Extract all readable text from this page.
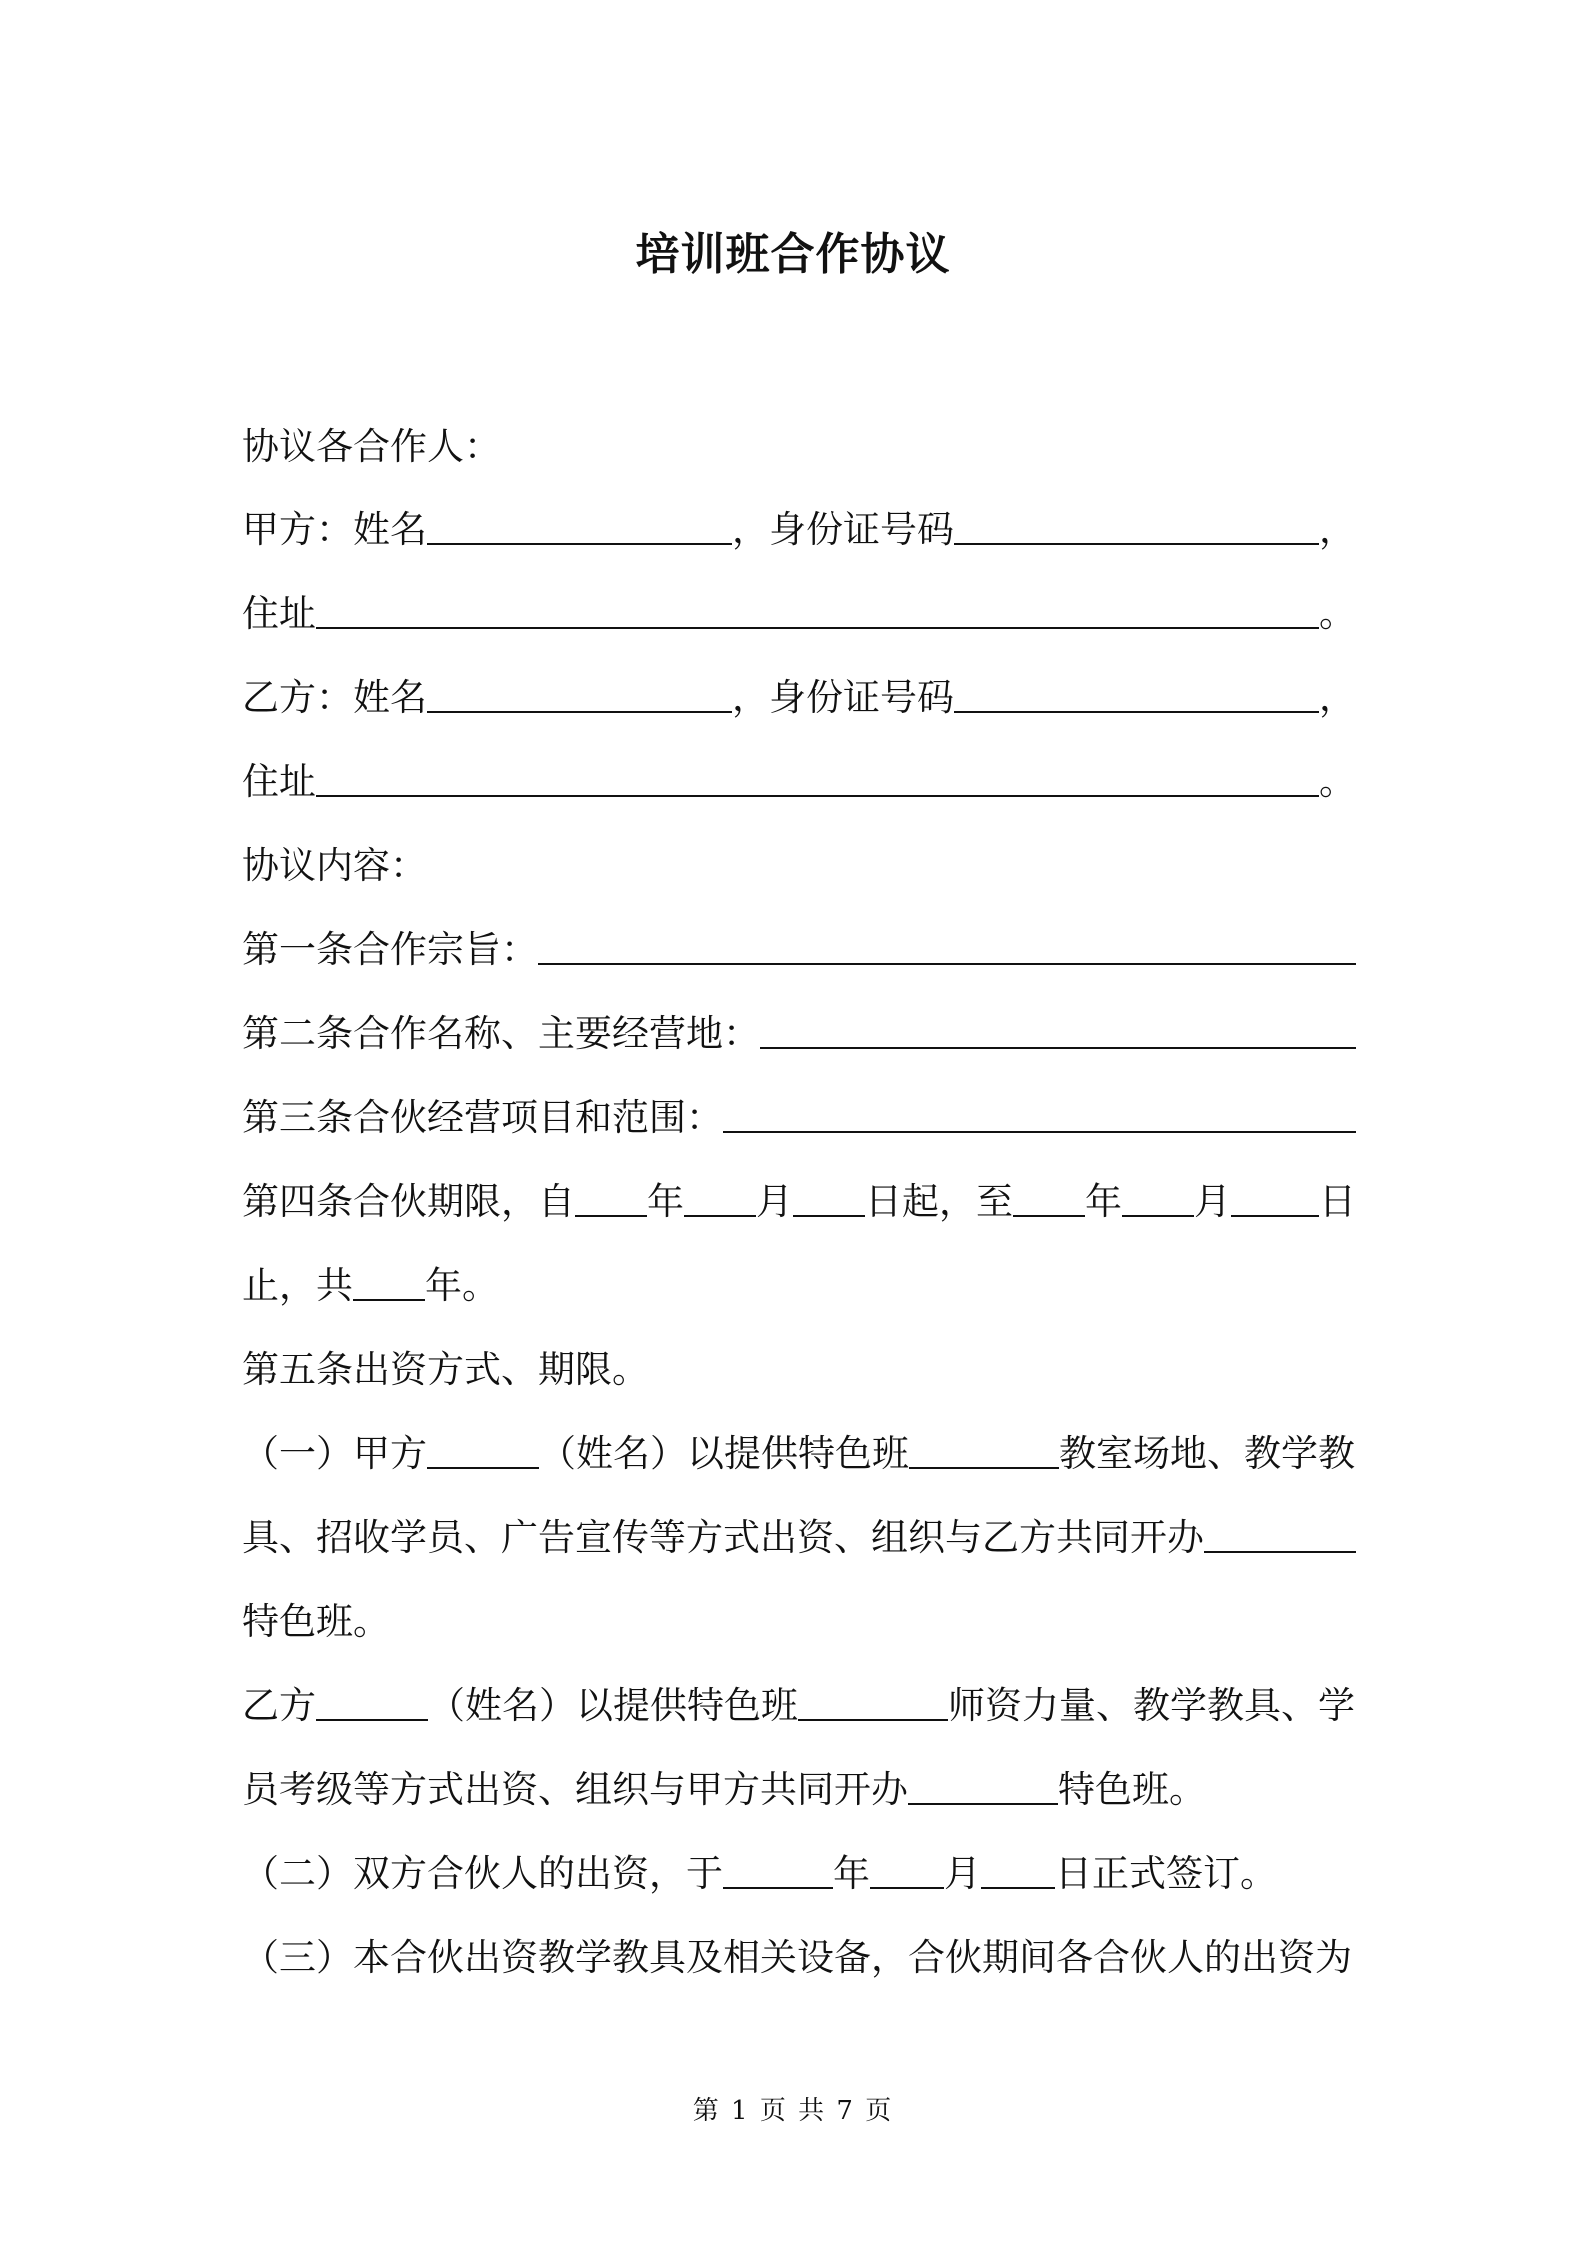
培训班合作协议
协议各合作人：
甲方：姓名	，身份证号码	，
住址	。
乙方：姓名	，身份证号码	，
住址	。
协议内容：
第一条合作宗旨：
第二条合作名称、主要经营地：
第三条合伙经营项目和范围：
第四条合伙期限，自 年 月 日起，至 年 月 日
止，共 年。
第五条出资方式、期限。
（一）甲方	（姓名）以提供特色班	教室场地、教学教
具、招收学员、广告宣传等方式出资、组织与乙方共同开办
特色班。
乙方	（姓名）以提供特色班	师资力量、教学教具、学
员考级等方式出资、组织与甲方共同开办	特色班。
（二）双方合伙人的出资，于	年 月 日正式签订。
（三）本合伙出资教学教具及相关设备，合伙期间各合伙人的出资为
第 1 页 共 7 页
